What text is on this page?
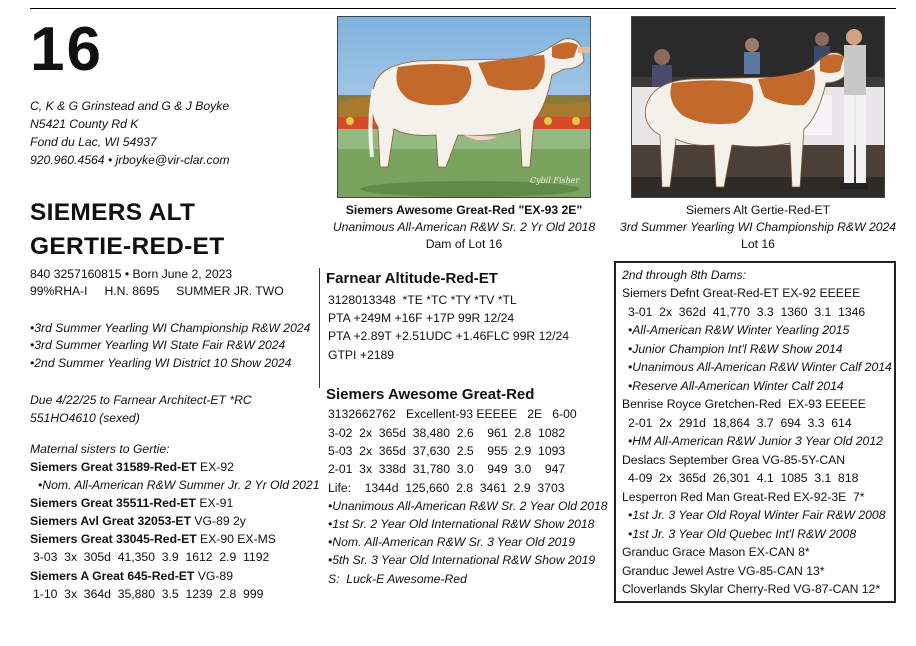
16
C, K & G Grinstead and G & J Boyke
N5421 County Rd K
Fond du Lac, WI 54937
920.960.4564 • jrboyke@vir-clar.com
SIEMERS ALT
GERTIE-RED-ET
840 3257160815 • Born June 2, 2023
99%RHA-I     H.N. 8695     SUMMER JR. TWO
•3rd Summer Yearling WI Championship R&W 2024
•3rd Summer Yearling WI State Fair R&W 2024
•2nd Summer Yearling WI District 10 Show 2024
Due 4/22/25 to Farnear Architect-ET *RC
551HO4610 (sexed)
Maternal sisters to Gertie:
Siemers Great 31589-Red-ET EX-92
•Nom. All-American R&W Summer Jr. 2 Yr Old 2021
Siemers Great 35511-Red-ET EX-91
Siemers Avl Great 32053-ET VG-89 2y
Siemers Great 33045-Red-ET EX-90 EX-MS
3-03  3x  305d  41,350  3.9  1612  2.9  1192
Siemers A Great 645-Red-ET VG-89
1-10  3x  364d  35,880  3.5  1239  2.8  999
Cybil Fisher
Siemers Awesome Great-Red "EX-93 2E"
Unanimous All-American R&W Sr. 2 Yr Old 2018
Dam of Lot 16
Siemers Alt Gertie-Red-ET
3rd Summer Yearling WI Championship R&W 2024
Lot 16
Farnear Altitude-Red-ET
3128013348  *TE *TC *TY *TV *TL
PTA +249M +16F +17P 99R 12/24
PTA +2.89T +2.51UDC +1.46FLC 99R 12/24
GTPI +2189
Siemers Awesome Great-Red
3132662762   Excellent-93 EEEEE   2E   6-00
3-02  2x  365d  38,480  2.6    961  2.8  1082
5-03  2x  365d  37,630  2.5    955  2.9  1093
2-01  3x  338d  31,780  3.0    949  3.0    947
Life:    1344d  125,660  2.8  3461  2.9  3703
•Unanimous All-American R&W Sr. 2 Year Old 2018
•1st Sr. 2 Year Old International R&W Show 2018
•Nom. All-American R&W Sr. 3 Year Old 2019
•5th Sr. 3 Year Old International R&W Show 2019
S:  Luck-E Awesome-Red
2nd through 8th Dams:
Siemers Defnt Great-Red-ET EX-92 EEEEE
3-01  2x  362d  41,770  3.3  1360  3.1  1346
•All-American R&W Winter Yearling 2015
•Junior Champion Int'l R&W Show 2014
•Unanimous All-American R&W Winter Calf 2014
•Reserve All-American Winter Calf 2014
Benrise Royce Gretchen-Red  EX-93 EEEEE
2-01  2x  291d  18,864  3.7  694  3.3  614
•HM All-American R&W Junior 3 Year Old 2012
Deslacs September Grea VG-85-5Y-CAN
4-09  2x  365d  26,301  4.1  1085  3.1  818
Lesperron Red Man Great-Red EX-92-3E  7*
•1st Jr. 3 Year Old Royal Winter Fair R&W 2008
•1st Jr. 3 Year Old Quebec Int'l R&W 2008
Granduc Grace Mason EX-CAN 8*
Granduc Jewel Astre VG-85-CAN 13*
Cloverlands Skylar Cherry-Red VG-87-CAN 12*
